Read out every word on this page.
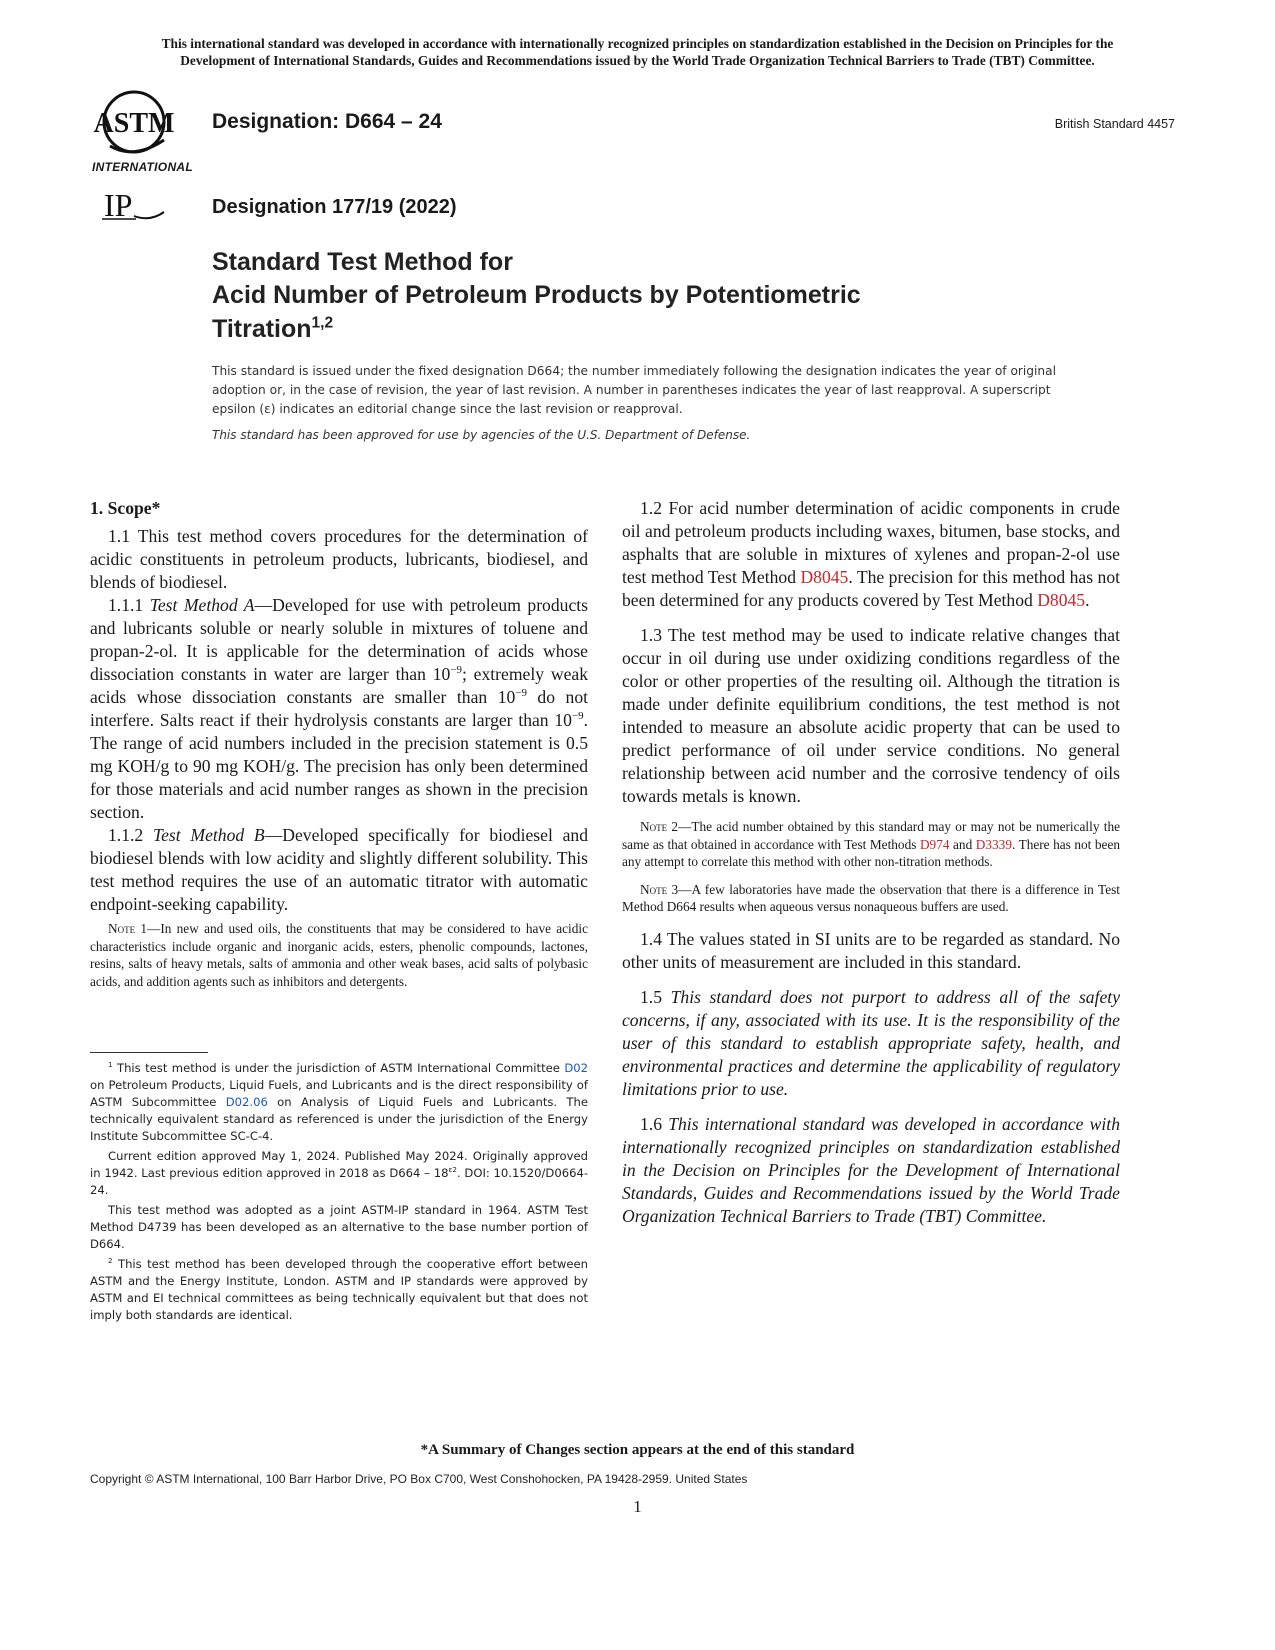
This international standard was developed in accordance with internationally recognized principles on standardization established in the Decision on Principles for the
Development of International Standards, Guides and Recommendations issued by the World Trade Organization Technical Barriers to Trade (TBT) Committee.
ASTM
INTERNATIONAL
Designation: D664 – 24	British Standard 4457
IP	Designation 177/19 (2022)
Standard Test Method for
Acid Number of Petroleum Products by Potentiometric
Titration$^{1,2}$
This standard is issued under the fixed designation D664; the number immediately following the designation indicates the year of original adoption or, in the case of revision, the year of last revision. A number in parentheses indicates the year of last reapproval. A superscript epsilon (ε) indicates an editorial change since the last revision or reapproval.
This standard has been approved for use by agencies of the U.S. Department of Defense.
1. Scope*

1.1 This test method covers procedures for the determination of acidic constituents in petroleum products, lubricants, biodiesel, and blends of biodiesel.

1.1.1 Test Method A—Developed for use with petroleum products and lubricants soluble or nearly soluble in mixtures of toluene and propan-2-ol. It is applicable for the determination of acids whose dissociation constants in water are larger than $10^{-9}$; extremely weak acids whose dissociation constants are smaller than $10^{-9}$ do not interfere. Salts react if their hydrolysis constants are larger than $10^{-9}$. The range of acid numbers included in the precision statement is 0.5 mg KOH/g to 90 mg KOH/g. The precision has only been determined for those materials and acid number ranges as shown in the precision section.

1.1.2 Test Method B—Developed specifically for biodiesel and biodiesel blends with low acidity and slightly different solubility. This test method requires the use of an automatic titrator with automatic endpoint-seeking capability.

Note 1—In new and used oils, the constituents that may be considered to have acidic characteristics include organic and inorganic acids, esters, phenolic compounds, lactones, resins, salts of heavy metals, salts of ammonia and other weak bases, acid salts of polybasic acids, and addition agents such as inhibitors and detergents.

$^1$ This test method is under the jurisdiction of ASTM International Committee D02 on Petroleum Products, Liquid Fuels, and Lubricants and is the direct responsibility of ASTM Subcommittee D02.06 on Analysis of Liquid Fuels and Lubricants. The technically equivalent standard as referenced is under the jurisdiction of the Energy Institute Subcommittee SC-C-4.

Current edition approved May 1, 2024. Published May 2024. Originally approved in 1942. Last previous edition approved in 2018 as $D664 - 18^{\varepsilon 2}$. DOI: 10.1520/D0664-24.

This test method was adopted as a joint ASTM-IP standard in 1964. ASTM Test Method D4739 has been developed as an alternative to the base number portion of D664.

$^2$ This test method has been developed through the cooperative effort between ASTM and the Energy Institute, London. ASTM and IP standards were approved by ASTM and EI technical committees as being technically equivalent but that does not imply both standards are identical.

1.2 For acid number determination of acidic components in crude oil and petroleum products including waxes, bitumen, base stocks, and asphalts that are soluble in mixtures of xylenes and propan-2-ol use test method Test Method D8045. The precision for this method has not been determined for any products covered by Test Method D8045.

1.3 The test method may be used to indicate relative changes that occur in oil during use under oxidizing conditions regardless of the color or other properties of the resulting oil. Although the titration is made under definite equilibrium conditions, the test method is not intended to measure an absolute acidic property that can be used to predict performance of oil under service conditions. No general relationship between acid number and the corrosive tendency of oils towards metals is known.

Note 2—The acid number obtained by this standard may or may not be numerically the same as that obtained in accordance with Test Methods D974 and D3339. There has not been any attempt to correlate this method with other non-titration methods.

Note 3—A few laboratories have made the observation that there is a difference in Test Method D664 results when aqueous versus nonaqueous buffers are used.

1.4 The values stated in SI units are to be regarded as standard. No other units of measurement are included in this standard.

1.5 This standard does not purport to address all of the safety concerns, if any, associated with its use. It is the responsibility of the user of this standard to establish appropriate safety, health, and environmental practices and determine the applicability of regulatory limitations prior to use.

1.6 This international standard was developed in accordance with internationally recognized principles on standardization established in the Decision on Principles for the Development of International Standards, Guides and Recommendations issued by the World Trade Organization Technical Barriers to Trade (TBT) Committee.

*A Summary of Changes section appears at the end of this standard
Copyright © ASTM International, 100 Barr Harbor Drive, PO Box C700, West Conshohocken, PA 19428-2959. United States
1
